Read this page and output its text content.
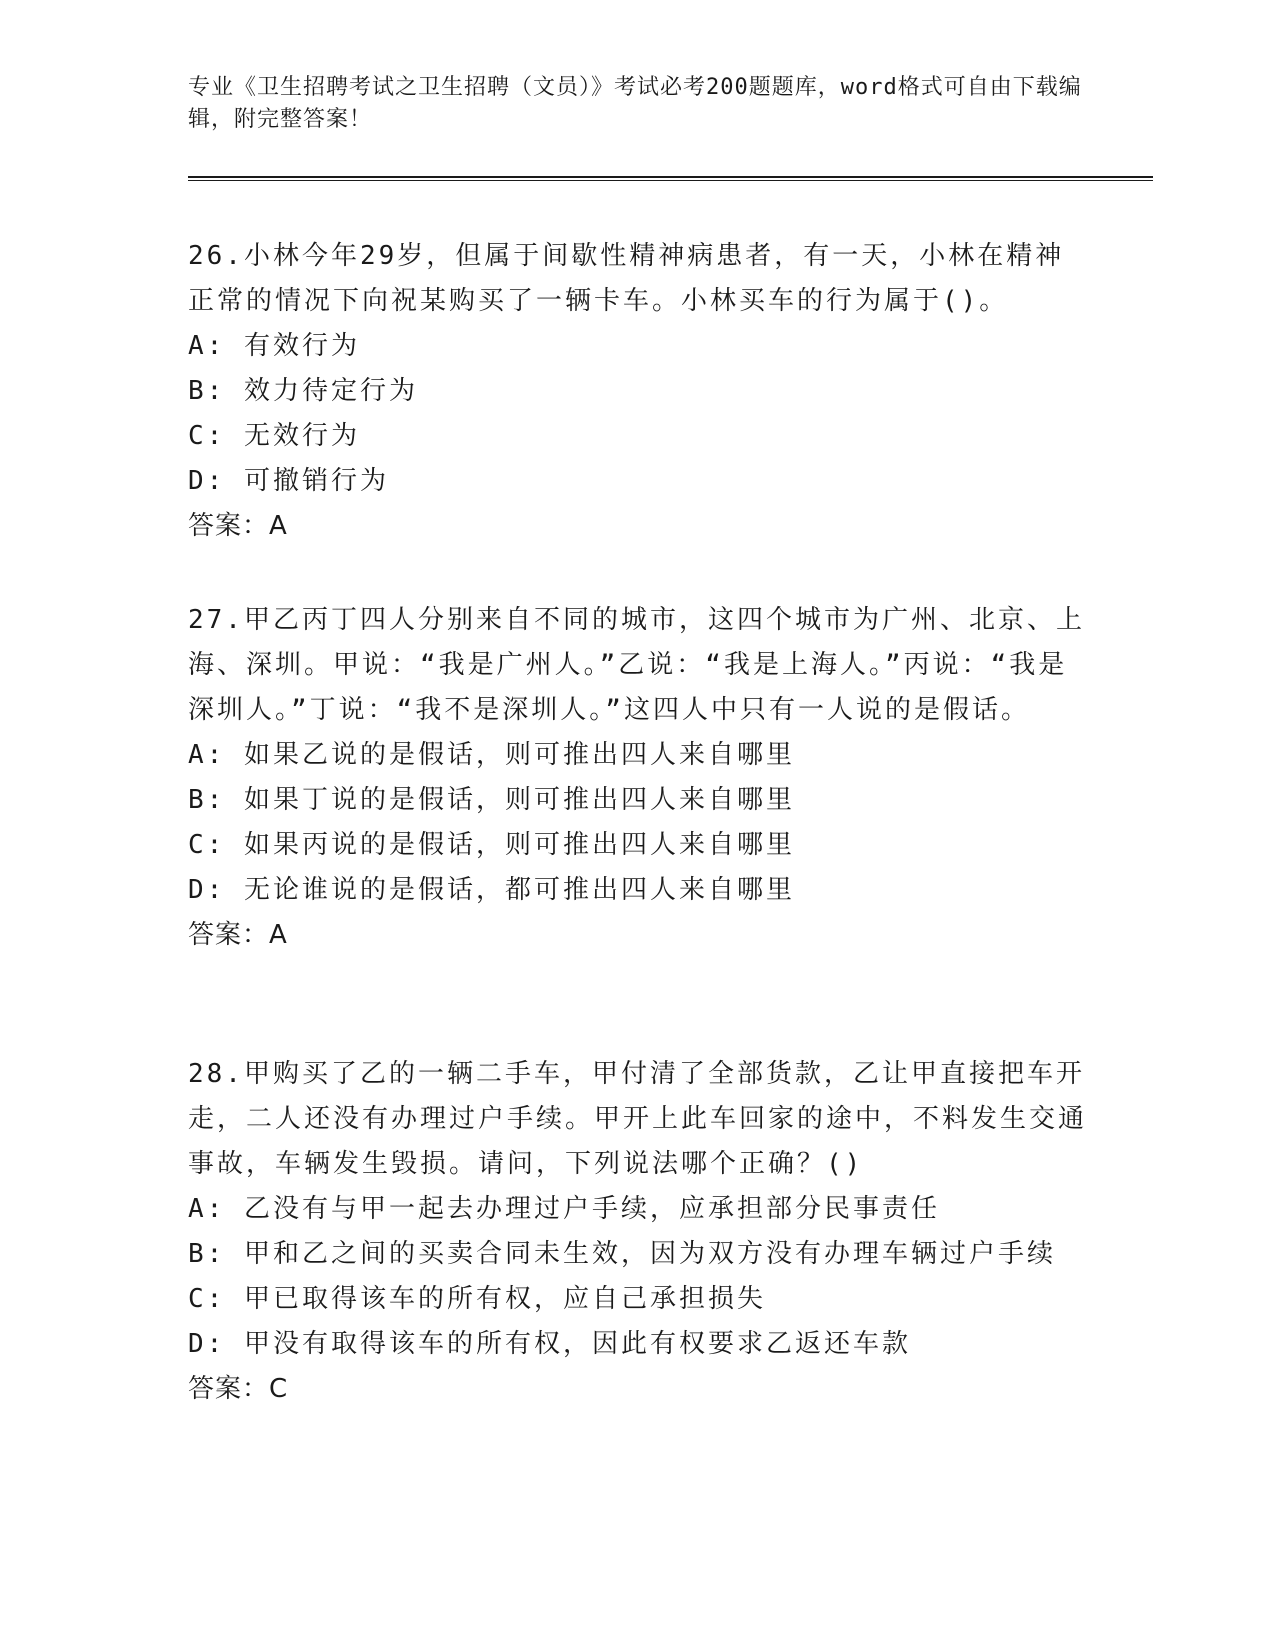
专业《卫生招聘考试之卫生招聘（文员）》考试必考200题题库，word格式可自由下载编辑，附完整答案！

26.小林今年29岁，但属于间歇性精神病患者，有一天，小林在精神正常的情况下向祝某购买了一辆卡车。小林买车的行为属于()。

A: 有效行为

B: 效力待定行为

C: 无效行为

D: 可撤销行为

答案：A

27.甲乙丙丁四人分别来自不同的城市，这四个城市为广州、北京、上海、深圳。甲说：“我是广州人。”乙说：“我是上海人。”丙说：“我是深圳人。”丁说：“我不是深圳人。”这四人中只有一人说的是假话。

A: 如果乙说的是假话，则可推出四人来自哪里

B: 如果丁说的是假话，则可推出四人来自哪里

C: 如果丙说的是假话，则可推出四人来自哪里

D: 无论谁说的是假话，都可推出四人来自哪里

答案：A

28.甲购买了乙的一辆二手车，甲付清了全部货款，乙让甲直接把车开走，二人还没有办理过户手续。甲开上此车回家的途中，不料发生交通事故，车辆发生毁损。请问，下列说法哪个正确？()

A: 乙没有与甲一起去办理过户手续，应承担部分民事责任

B: 甲和乙之间的买卖合同未生效，因为双方没有办理车辆过户手续

C: 甲已取得该车的所有权，应自己承担损失

D: 甲没有取得该车的所有权，因此有权要求乙返还车款

答案：C
